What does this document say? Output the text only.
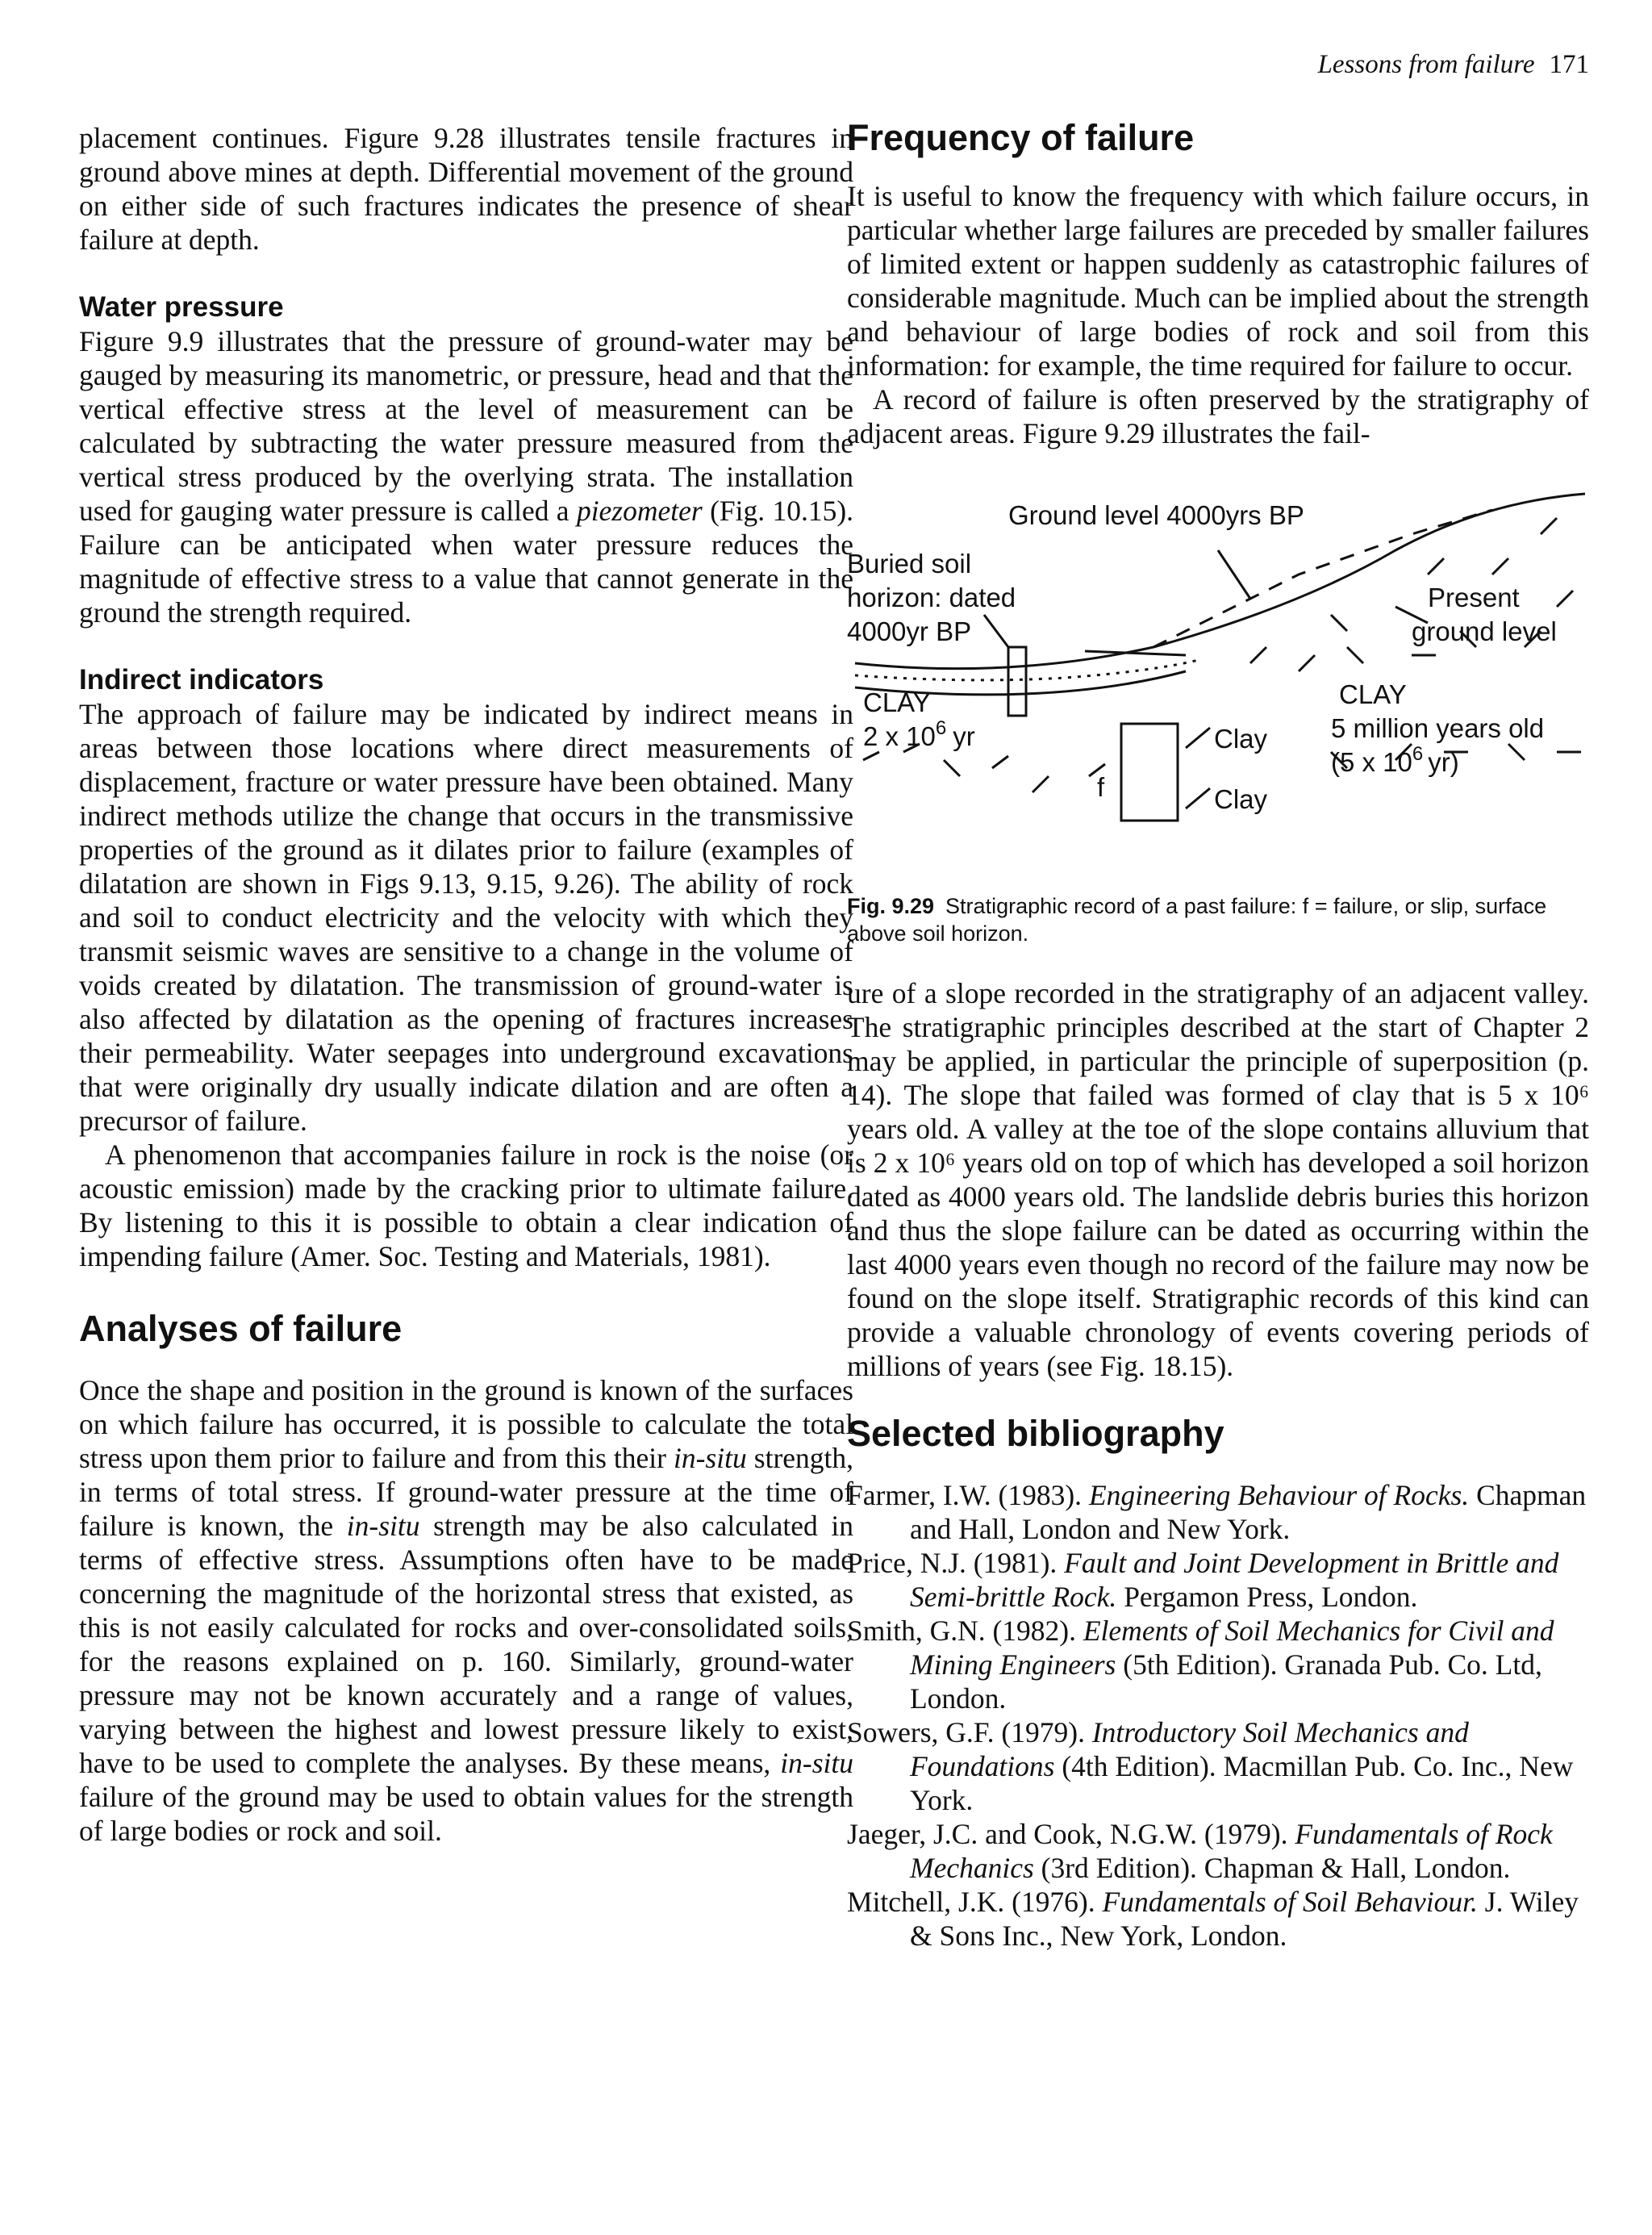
Lessons from failure 171

placement continues. Figure 9.28 illustrates tensile fractures in ground above mines at depth. Differential movement of the ground on either side of such fractures indicates the presence of shear failure at depth.

Water pressure

Figure 9.9 illustrates that the pressure of ground-water may be gauged by measuring its manometric, or pressure, head and that the vertical effective stress at the level of measurement can be calculated by subtracting the water pressure measured from the vertical stress produced by the overlying strata. The installation used for gauging water pressure is called a piezometer (Fig. 10.15). Failure can be anticipated when water pressure reduces the magnitude of effective stress to a value that cannot generate in the ground the strength required.

Indirect indicators

The approach of failure may be indicated by indirect means in areas between those locations where direct measurements of displacement, fracture or water pressure have been obtained. Many indirect methods utilize the change that occurs in the transmissive properties of the ground as it dilates prior to failure (examples of dilatation are shown in Figs 9.13, 9.15, 9.26). The ability of rock and soil to conduct electricity and the velocity with which they transmit seismic waves are sensitive to a change in the volume of voids created by dilatation. The transmission of ground-water is also affected by dilatation as the opening of fractures increases their permeability. Water seepages into underground excavations that were originally dry usually indicate dilation and are often a precursor of failure.

A phenomenon that accompanies failure in rock is the noise (or acoustic emission) made by the cracking prior to ultimate failure. By listening to this it is possible to obtain a clear indication of impending failure (Amer. Soc. Testing and Materials, 1981).

Analyses of failure

Once the shape and position in the ground is known of the surfaces on which failure has occurred, it is possible to calculate the total stress upon them prior to failure and from this their in-situ strength, in terms of total stress. If ground-water pressure at the time of failure is known, the in-situ strength may be also calculated in terms of effective stress. Assumptions often have to be made concerning the magnitude of the horizontal stress that existed, as this is not easily calculated for rocks and over-consolidated soils, for the reasons explained on p. 160. Similarly, ground-water pressure may not be known accurately and a range of values, varying between the highest and lowest pressure likely to exist, have to be used to complete the analyses. By these means, in-situ failure of the ground may be used to obtain values for the strength of large bodies or rock and soil.

Frequency of failure

It is useful to know the frequency with which failure occurs, in particular whether large failures are preceded by smaller failures of limited extent or happen suddenly as catastrophic failures of considerable magnitude. Much can be implied about the strength and behaviour of large bodies of rock and soil from this information: for example, the time required for failure to occur.

A record of failure is often preserved by the stratigraphy of adjacent areas. Figure 9.29 illustrates the fail-

Ground level 4000yrs BP
Buried soil
horizon: dated
4000yr BP
Present
ground level
CLAY
2 x $10^6$ yr
CLAY
5 million years old
(5 x $10^6$ yr)
Clay
Clay
f
Fig. 9.29 Stratigraphic record of a past failure: f = failure, or slip, surface above soil horizon.

ure of a slope recorded in the stratigraphy of an adjacent valley. The stratigraphic principles described at the start of Chapter 2 may be applied, in particular the principle of superposition (p. 14). The slope that failed was formed of clay that is 5 x 10⁶ years old. A valley at the toe of the slope contains alluvium that is 2 x 10⁶ years old on top of which has developed a soil horizon dated as 4000 years old. The landslide debris buries this horizon and thus the slope failure can be dated as occurring within the last 4000 years even though no record of the failure may now be found on the slope itself. Stratigraphic records of this kind can provide a valuable chronology of events covering periods of millions of years (see Fig. 18.15).

Selected bibliography

Farmer, I.W. (1983). Engineering Behaviour of Rocks. Chapman and Hall, London and New York.

Price, N.J. (1981). Fault and Joint Development in Brittle and Semi-brittle Rock. Pergamon Press, London.

Smith, G.N. (1982). Elements of Soil Mechanics for Civil and Mining Engineers (5th Edition). Granada Pub. Co. Ltd, London.

Sowers, G.F. (1979). Introductory Soil Mechanics and Foundations (4th Edition). Macmillan Pub. Co. Inc., New York.

Jaeger, J.C. and Cook, N.G.W. (1979). Fundamentals of Rock Mechanics (3rd Edition). Chapman & Hall, London.

Mitchell, J.K. (1976). Fundamentals of Soil Behaviour. J. Wiley & Sons Inc., New York, London.
